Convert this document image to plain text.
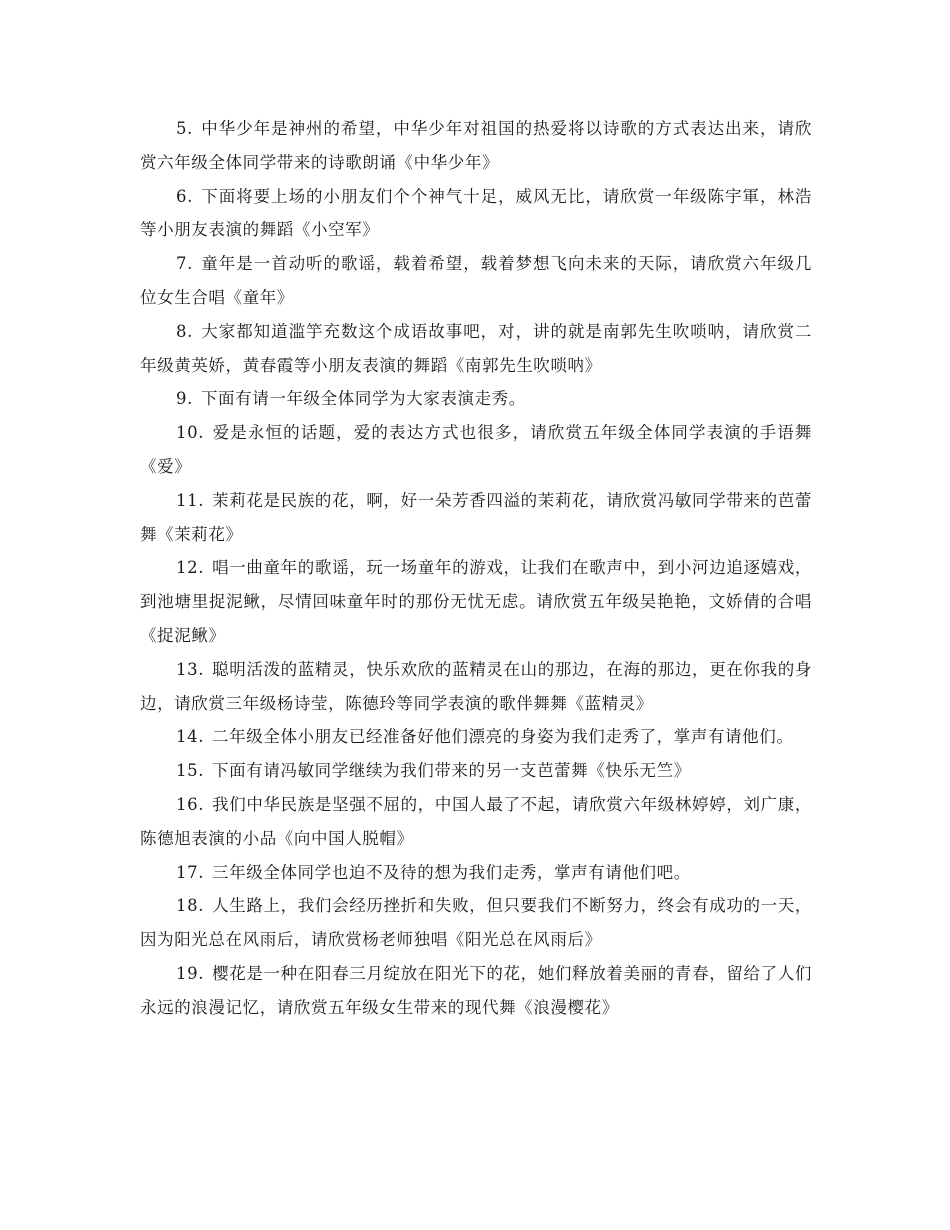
5. 中华少年是神州的希望，中华少年对祖国的热爱将以诗歌的方式表达出来，请欣赏六年级全体同学带来的诗歌朗诵《中华少年》

6. 下面将要上场的小朋友们个个神气十足，威风无比，请欣赏一年级陈宇軍，林浩等小朋友表演的舞蹈《小空军》

7. 童年是一首动听的歌谣，载着希望，载着梦想飞向未来的天际，请欣赏六年级几位女生合唱《童年》

8. 大家都知道滥竽充数这个成语故事吧，对，讲的就是南郭先生吹唢呐，请欣赏二年级黄英娇，黄春霞等小朋友表演的舞蹈《南郭先生吹唢呐》

9. 下面有请一年级全体同学为大家表演走秀。

10. 爱是永恒的话题，爱的表达方式也很多，请欣赏五年级全体同学表演的手语舞《爱》

11. 茉莉花是民族的花，啊，好一朵芳香四溢的茉莉花，请欣赏冯敏同学带来的芭蕾舞《茉莉花》

12. 唱一曲童年的歌谣，玩一场童年的游戏，让我们在歌声中，到小河边追逐嬉戏，到池塘里捉泥鳅，尽情回味童年时的那份无忧无虑。请欣赏五年级吴艳艳，文娇倩的合唱《捉泥鳅》

13. 聪明活泼的蓝精灵，快乐欢欣的蓝精灵在山的那边，在海的那边，更在你我的身边，请欣赏三年级杨诗莹，陈德玲等同学表演的歌伴舞舞《蓝精灵》

14. 二年级全体小朋友已经准备好他们漂亮的身姿为我们走秀了，掌声有请他们。

15. 下面有请冯敏同学继续为我们带来的另一支芭蕾舞《快乐无竺》

16. 我们中华民族是坚强不屈的，中国人最了不起，请欣赏六年级林婷婷，刘广康，陈德旭表演的小品《向中国人脱帽》

17. 三年级全体同学也迫不及待的想为我们走秀，掌声有请他们吧。

18. 人生路上，我们会经历挫折和失败，但只要我们不断努力，终会有成功的一天，因为阳光总在风雨后，请欣赏杨老师独唱《阳光总在风雨后》

19. 樱花是一种在阳春三月绽放在阳光下的花，她们释放着美丽的青春，留给了人们永远的浪漫记忆，请欣赏五年级女生带来的现代舞《浪漫樱花》
